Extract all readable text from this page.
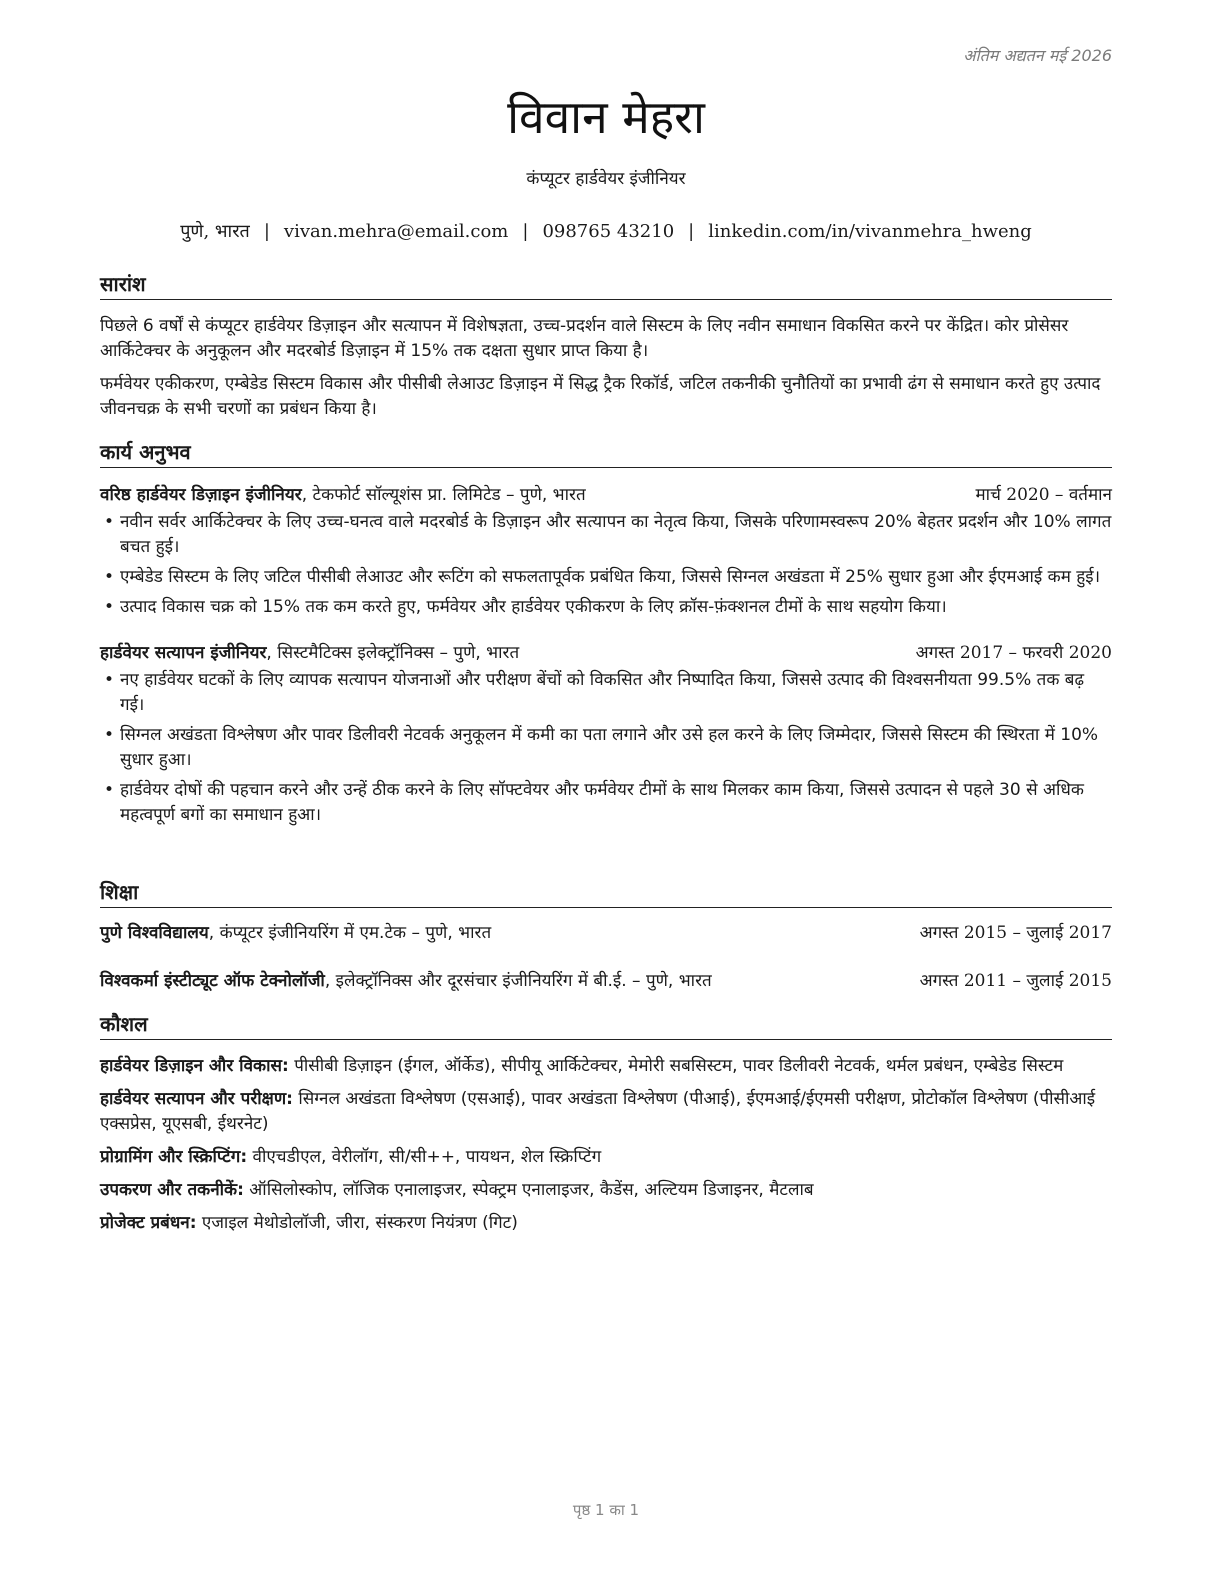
अंतिम अद्यतन मई 2026
विवान मेहरा
कंप्यूटर हार्डवेयर इंजीनियर
पुणे, भारत | vivan.mehra@email.com | 098765 43210 | linkedin.com/in/vivanmehra_hweng
सारांश

पिछले 6 वर्षों से कंप्यूटर हार्डवेयर डिज़ाइन और सत्यापन में विशेषज्ञता, उच्च-प्रदर्शन वाले सिस्टम के लिए नवीन समाधान विकसित करने पर केंद्रित। कोर प्रोसेसर आर्किटेक्चर के अनुकूलन और मदरबोर्ड डिज़ाइन में 15% तक दक्षता सुधार प्राप्त किया है।

फर्मवेयर एकीकरण, एम्बेडेड सिस्टम विकास और पीसीबी लेआउट डिज़ाइन में सिद्ध ट्रैक रिकॉर्ड, जटिल तकनीकी चुनौतियों का प्रभावी ढंग से समाधान करते हुए उत्पाद जीवनचक्र के सभी चरणों का प्रबंधन किया है।

कार्य अनुभव
वरिष्ठ हार्डवेयर डिज़ाइन इंजीनियर, टेकफोर्ट सॉल्यूशंस प्रा. लिमिटेड – पुणे, भारत	मार्च 2020 – वर्तमान
• नवीन सर्वर आर्किटेक्चर के लिए उच्च-घनत्व वाले मदरबोर्ड के डिज़ाइन और सत्यापन का नेतृत्व किया, जिसके परिणामस्वरूप 20% बेहतर प्रदर्शन और 10% लागत बचत हुई।
• एम्बेडेड सिस्टम के लिए जटिल पीसीबी लेआउट और रूटिंग को सफलतापूर्वक प्रबंधित किया, जिससे सिग्नल अखंडता में 25% सुधार हुआ और ईएमआई कम हुई।
• उत्पाद विकास चक्र को 15% तक कम करते हुए, फर्मवेयर और हार्डवेयर एकीकरण के लिए क्रॉस-फ़ंक्शनल टीमों के साथ सहयोग किया।
हार्डवेयर सत्यापन इंजीनियर, सिस्टमैटिक्स इलेक्ट्रॉनिक्स – पुणे, भारत	अगस्त 2017 – फरवरी 2020
• नए हार्डवेयर घटकों के लिए व्यापक सत्यापन योजनाओं और परीक्षण बेंचों को विकसित और निष्पादित किया, जिससे उत्पाद की विश्वसनीयता 99.5% तक बढ़ गई।
• सिग्नल अखंडता विश्लेषण और पावर डिलीवरी नेटवर्क अनुकूलन में कमी का पता लगाने और उसे हल करने के लिए जिम्मेदार, जिससे सिस्टम की स्थिरता में 10% सुधार हुआ।
• हार्डवेयर दोषों की पहचान करने और उन्हें ठीक करने के लिए सॉफ्टवेयर और फर्मवेयर टीमों के साथ मिलकर काम किया, जिससे उत्पादन से पहले 30 से अधिक महत्वपूर्ण बगों का समाधान हुआ।
शिक्षा
पुणे विश्वविद्यालय, कंप्यूटर इंजीनियरिंग में एम.टेक – पुणे, भारत	अगस्त 2015 – जुलाई 2017
विश्वकर्मा इंस्टीट्यूट ऑफ टेक्नोलॉजी, इलेक्ट्रॉनिक्स और दूरसंचार इंजीनियरिंग में बी.ई. – पुणे, भारत	अगस्त 2011 – जुलाई 2015
कौशल

हार्डवेयर डिज़ाइन और विकास: पीसीबी डिज़ाइन (ईगल, ऑर्केड), सीपीयू आर्किटेक्चर, मेमोरी सबसिस्टम, पावर डिलीवरी नेटवर्क, थर्मल प्रबंधन, एम्बेडेड सिस्टम

हार्डवेयर सत्यापन और परीक्षण: सिग्नल अखंडता विश्लेषण (एसआई), पावर अखंडता विश्लेषण (पीआई), ईएमआई/ईएमसी परीक्षण, प्रोटोकॉल विश्लेषण (पीसीआई एक्सप्रेस, यूएसबी, ईथरनेट)

प्रोग्रामिंग और स्क्रिप्टिंग: वीएचडीएल, वेरीलॉग, सी/सी++, पायथन, शेल स्क्रिप्टिंग

उपकरण और तकनीकें: ऑसिलोस्कोप, लॉजिक एनालाइजर, स्पेक्ट्रम एनालाइजर, कैडेंस, अल्टियम डिजाइनर, मैटलाब

प्रोजेक्ट प्रबंधन: एजाइल मेथोडोलॉजी, जीरा, संस्करण नियंत्रण (गिट)

पृष्ठ 1 का 1
